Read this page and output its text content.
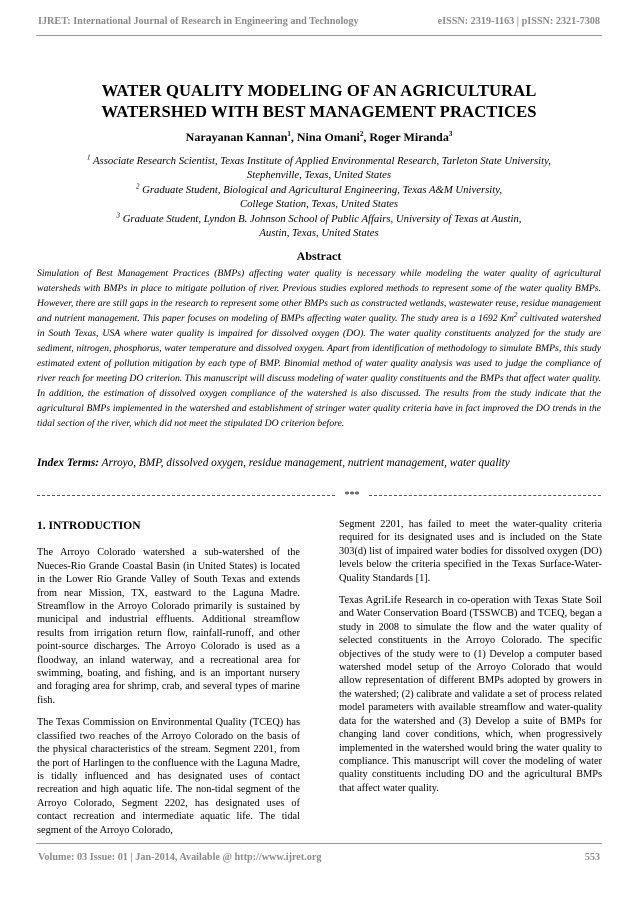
IJRET: International Journal of Research in Engineering and Technology	eISSN: 2319-1163 | pISSN: 2321-7308
WATER QUALITY MODELING OF AN AGRICULTURAL
WATERSHED WITH BEST MANAGEMENT PRACTICES
Narayanan Kannan$^1$, Nina Omani$^2$, Roger Miranda$^3$
$^1$ Associate Research Scientist, Texas Institute of Applied Environmental Research, Tarleton State University,
Stephenville, Texas, United States
$^2$ Graduate Student, Biological and Agricultural Engineering, Texas A&M University,
College Station, Texas, United States
$^3$ Graduate Student, Lyndon B. Johnson School of Public Affairs, University of Texas at Austin,
Austin, Texas, United States
Abstract
Simulation of Best Management Practices (BMPs) affecting water quality is necessary while modeling the water quality of agricultural watersheds with BMPs in place to mitigate pollution of river. Previous studies explored methods to represent some of the water quality BMPs. However, there are still gaps in the research to represent some other BMPs such as constructed wetlands, wastewater reuse, residue management and nutrient management. This paper focuses on modeling of BMPs affecting water quality. The study area is a 1692 Km$^2$ cultivated watershed in South Texas, USA where water quality is impaired for dissolved oxygen (DO). The water quality constituents analyzed for the study are sediment, nitrogen, phosphorus, water temperature and dissolved oxygen. Apart from identification of methodology to simulate BMPs, this study estimated extent of pollution mitigation by each type of BMP. Binomial method of water quality analysis was used to judge the compliance of river reach for meeting DO criterion. This manuscript will discuss modeling of water quality constituents and the BMPs that affect water quality. In addition, the estimation of dissolved oxygen compliance of the watershed is also discussed. The results from the study indicate that the agricultural BMPs implemented in the watershed and establishment of stringer water quality criteria have in fact improved the DO trends in the tidal section of the river, which did not meet the stipulated DO criterion before.
Index Terms: Arroyo, BMP, dissolved oxygen, residue management, nutrient management, water quality
***
1. INTRODUCTION

The Arroyo Colorado watershed a sub-watershed of the Nueces-Rio Grande Coastal Basin (in United States) is located in the Lower Rio Grande Valley of South Texas and extends from near Mission, TX, eastward to the Laguna Madre. Streamflow in the Arroyo Colorado primarily is sustained by municipal and industrial effluents. Additional streamflow results from irrigation return flow, rainfall-runoff, and other point-source discharges. The Arroyo Colorado is used as a floodway, an inland waterway, and a recreational area for swimming, boating, and fishing, and is an important nursery and foraging area for shrimp, crab, and several types of marine fish.

The Texas Commission on Environmental Quality (TCEQ) has classified two reaches of the Arroyo Colorado on the basis of the physical characteristics of the stream. Segment 2201, from the port of Harlingen to the confluence with the Laguna Madre, is tidally influenced and has designated uses of contact recreation and high aquatic life. The non-tidal segment of the Arroyo Colorado, Segment 2202, has designated uses of contact recreation and intermediate aquatic life. The tidal segment of the Arroyo Colorado,

Segment 2201, has failed to meet the water-quality criteria required for its designated uses and is included on the State 303(d) list of impaired water bodies for dissolved oxygen (DO) levels below the criteria specified in the Texas Surface-Water-Quality Standards [1].

Texas AgriLife Research in co-operation with Texas State Soil and Water Conservation Board (TSSWCB) and TCEQ, began a study in 2008 to simulate the flow and the water quality of selected constituents in the Arroyo Colorado. The specific objectives of the study were to (1) Develop a computer based watershed model setup of the Arroyo Colorado that would allow representation of different BMPs adopted by growers in the watershed; (2) calibrate and validate a set of process related model parameters with available streamflow and water-quality data for the watershed and (3) Develop a suite of BMPs for changing land cover conditions, which, when progressively implemented in the watershed would bring the water quality to compliance. This manuscript will cover the modeling of water quality constituents including DO and the agricultural BMPs that affect water quality.

Volume: 03 Issue: 01 | Jan-2014, Available @ http://www.ijret.org	553
